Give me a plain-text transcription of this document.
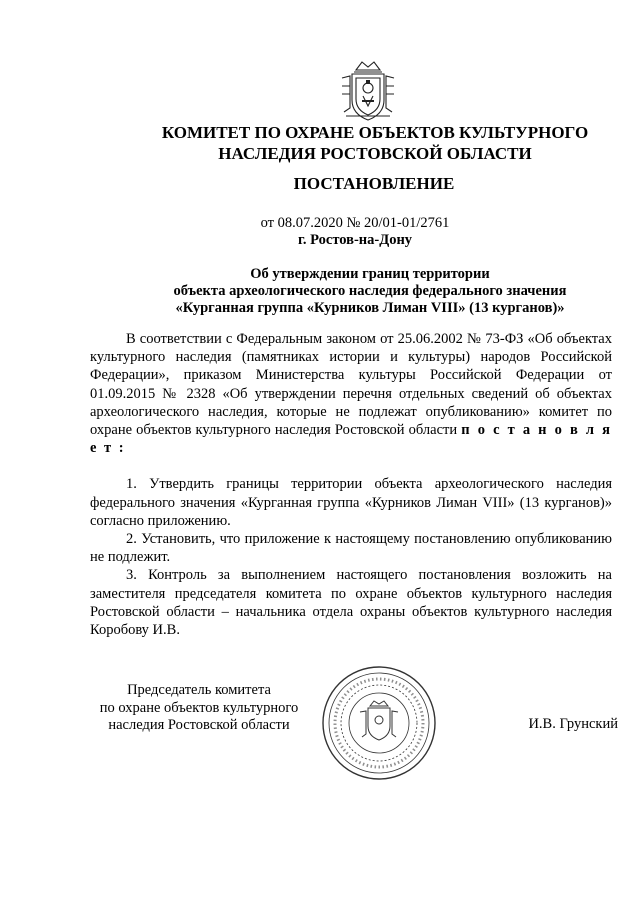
КОМИТЕТ ПО ОХРАНЕ ОБЪЕКТОВ КУЛЬТУРНОГО
НАСЛЕДИЯ РОСТОВСКОЙ ОБЛАСТИ
ПОСТАНОВЛЕНИЕ
от 08.07.2020 № 20/01-01/2761
г. Ростов-на-Дону
Об утверждении границ территории
объекта археологического наследия федерального значения
«Курганная группа «Курников Лиман VIII» (13 курганов)»

В соответствии с Федеральным законом от 25.06.2002 № 73-ФЗ «Об объектах культурного наследия (памятниках истории и культуры) народов Российской Федерации», приказом Министерства культуры Российской Федерации от 01.09.2015 № 2328 «Об утверждении перечня отдельных сведений об объектах археологического наследия, которые не подлежат опубликованию» комитет по охране объектов культурного наследия Ростовской области п о с т а н о в л я е т :

1. Утвердить границы территории объекта археологического наследия федерального значения «Курганная группа «Курников Лиман VIII» (13 курганов)» согласно приложению.

2. Установить, что приложение к настоящему постановлению опубликованию не подлежит.

3. Контроль за выполнением настоящего постановления возложить на заместителя председателя комитета по охране объектов культурного наследия Ростовской области – начальника отдела охраны объектов культурного наследия Коробову И.В.

Председатель комитета
по охране объектов культурного
наследия Ростовской области	И.В. Грунский
